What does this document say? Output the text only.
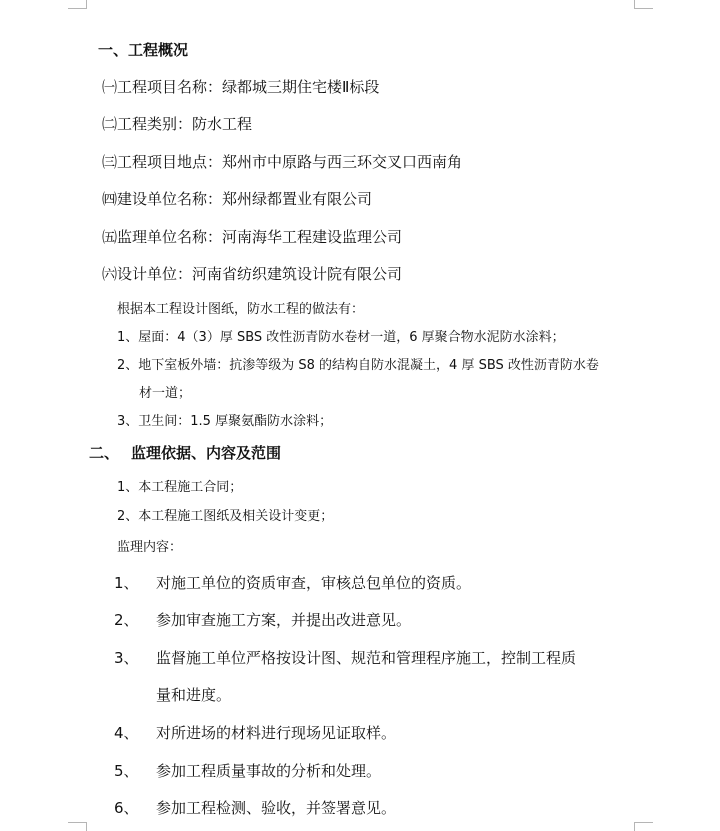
一、工程概况
㈠工程项目名称：绿都城三期住宅楼Ⅱ标段
㈡工程类别：防水工程
㈢工程项目地点：郑州市中原路与西三环交叉口西南角
㈣建设单位名称：郑州绿都置业有限公司
㈤监理单位名称：河南海华工程建设监理公司
㈥设计单位：河南省纺织建筑设计院有限公司
根据本工程设计图纸，防水工程的做法有：
1、屋面：4（3）厚 SBS 改性沥青防水卷材一道，6 厚聚合物水泥防水涂料；
2、地下室板外墙：抗渗等级为 S8 的结构自防水混凝土，4 厚 SBS 改性沥青防水卷
材一道；
3、卫生间：1.5 厚聚氨酯防水涂料；
二、 监理依据、内容及范围
1、本工程施工合同；
2、本工程施工图纸及相关设计变更；
监理内容：
1、 对施工单位的资质审查，审核总包单位的资质。
2、 参加审查施工方案，并提出改进意见。
3、 监督施工单位严格按设计图、规范和管理程序施工，控制工程质
量和进度。
4、 对所进场的材料进行现场见证取样。
5、 参加工程质量事故的分析和处理。
6、 参加工程检测、验收，并签署意见。
